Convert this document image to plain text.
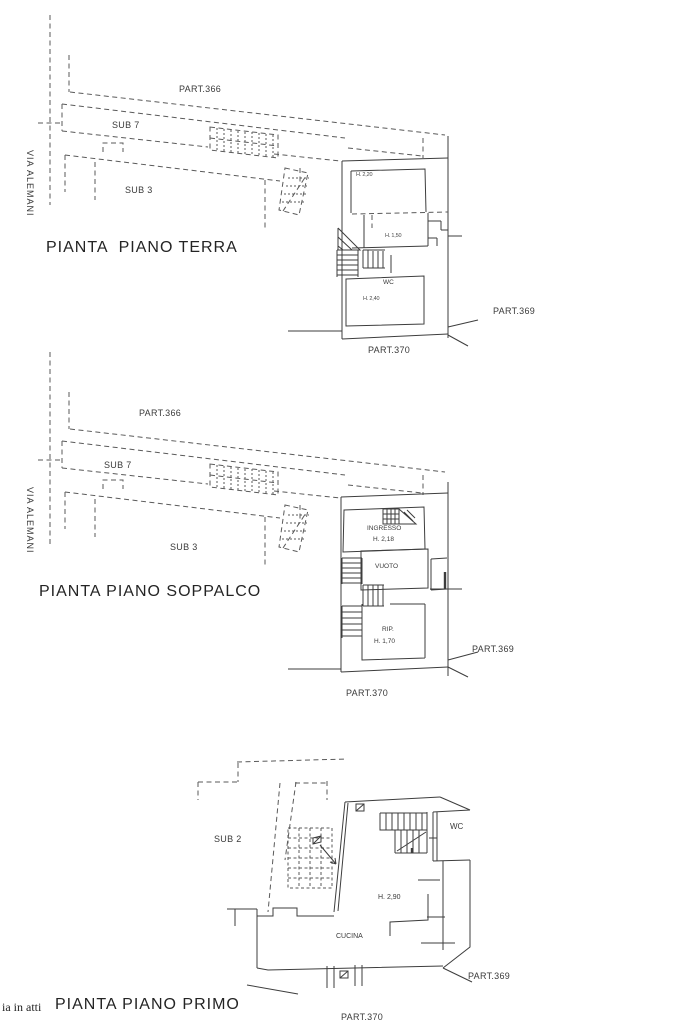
PART.366
SUB 7
SUB 3
VIA ALEMANI
PIANTA  PIANO TERRA
H. 2,20
H. 1,50
WC
H. 2,40
PART.369
PART.370
PART.366
SUB 7
SUB 3
VIA ALEMANI
PIANTA PIANO SOPPALCO
INGRESSO
H. 2,18
VUOTO
RIP.
H. 1,70
PART.369
PART.370
SUB 2
WC
H. 2,90
CUCINA
PART.369
PART.370
ia in atti PIANTA PIANO PRIMO
